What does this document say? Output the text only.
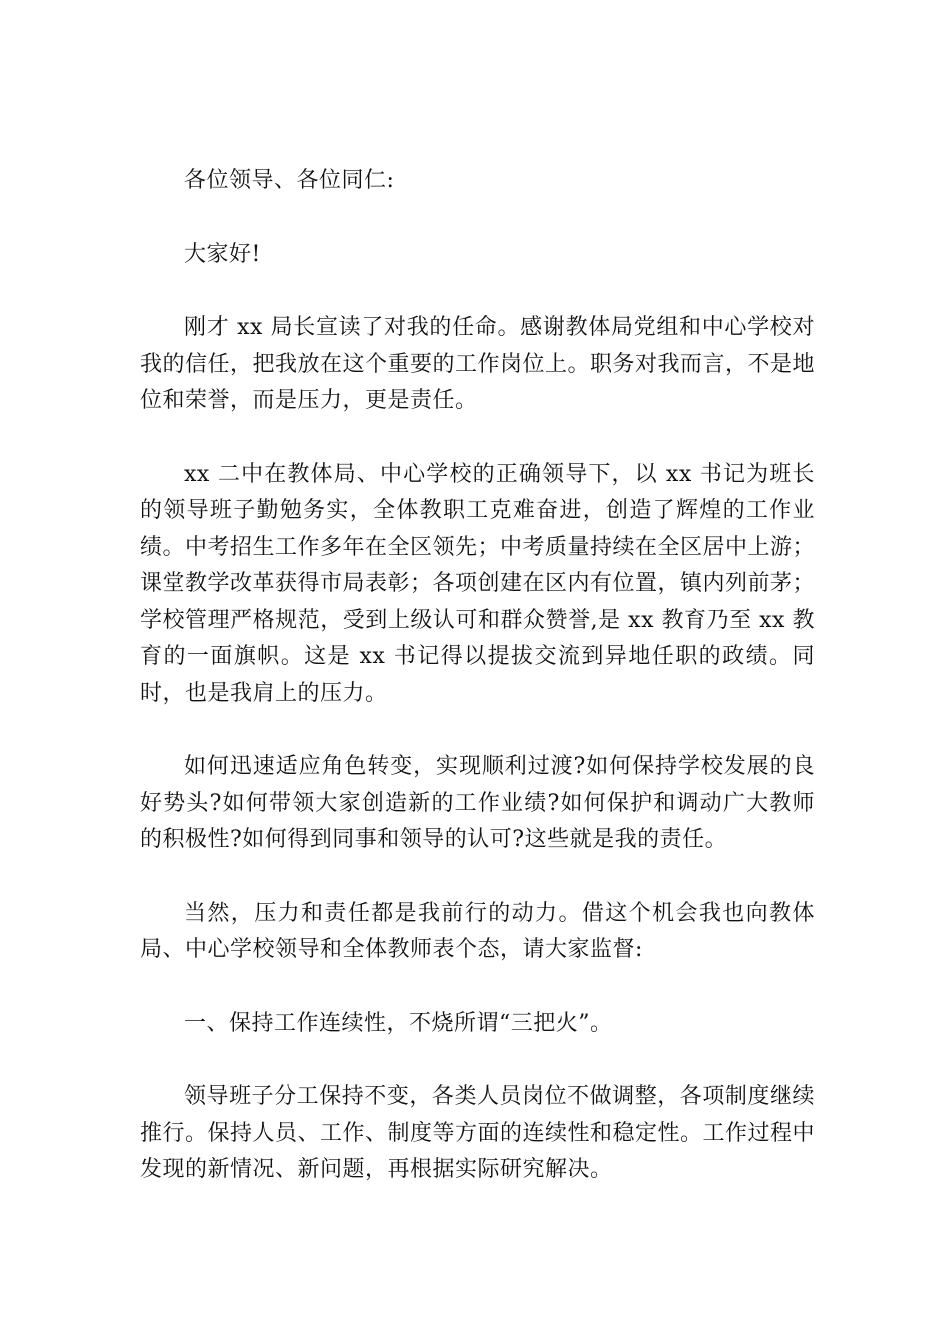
各位领导、各位同仁:

大家好!

刚才 xx 局长宣读了对我的任命。感谢教体局党组和中心学校对我的信任，把我放在这个重要的工作岗位上。职务对我而言，不是地位和荣誉，而是压力，更是责任。

xx 二中在教体局、中心学校的正确领导下，以 xx 书记为班长的领导班子勤勉务实，全体教职工克难奋进，创造了辉煌的工作业绩。中考招生工作多年在全区领先；中考质量持续在全区居中上游；课堂教学改革获得市局表彰；各项创建在区内有位置，镇内列前茅；学校管理严格规范，受到上级认可和群众赞誉,是 xx 教育乃至 xx 教育的一面旗帜。这是 xx 书记得以提拔交流到异地任职的政绩。同时，也是我肩上的压力。

如何迅速适应角色转变，实现顺利过渡?如何保持学校发展的良好势头?如何带领大家创造新的工作业绩?如何保护和调动广大教师的积极性?如何得到同事和领导的认可?这些就是我的责任。

当然，压力和责任都是我前行的动力。借这个机会我也向教体局、中心学校领导和全体教师表个态，请大家监督:

一、保持工作连续性，不烧所谓“三把火”。

领导班子分工保持不变，各类人员岗位不做调整，各项制度继续推行。保持人员、工作、制度等方面的连续性和稳定性。工作过程中发现的新情况、新问题，再根据实际研究解决。
